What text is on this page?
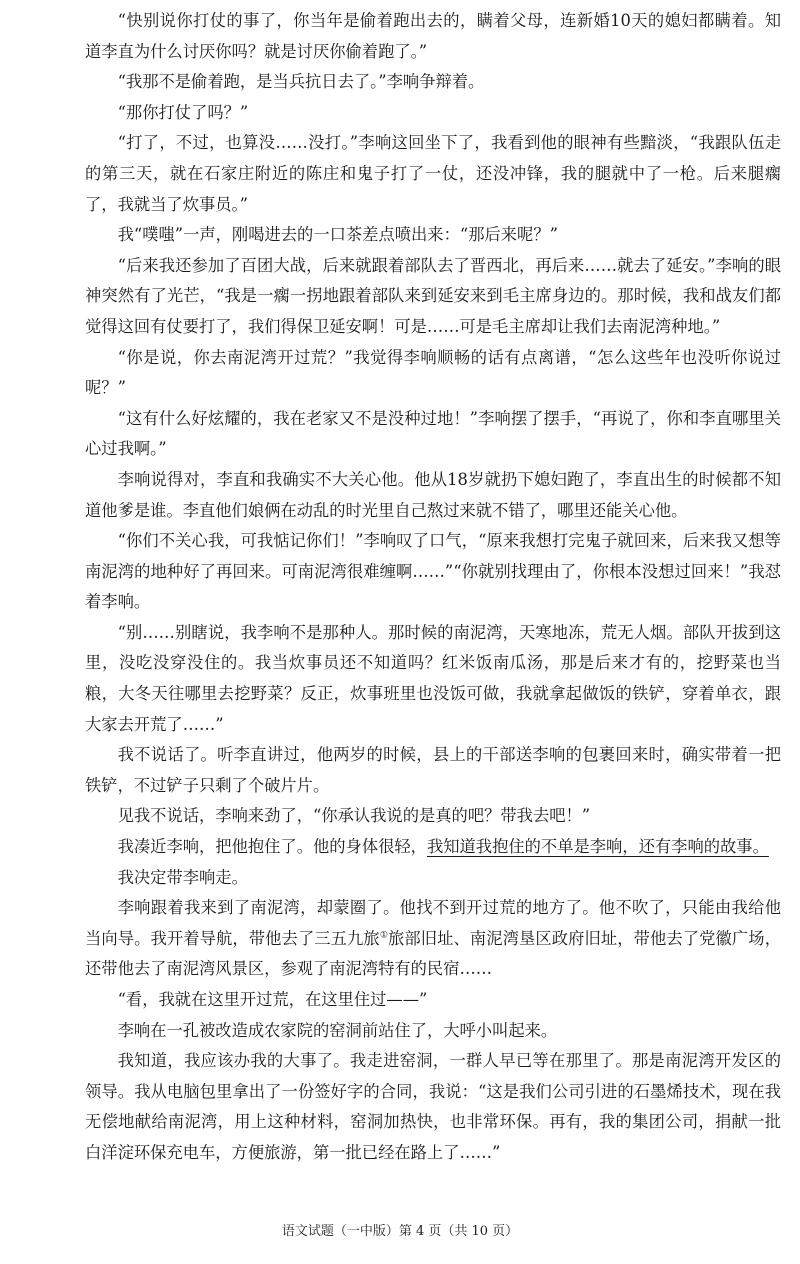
“快别说你打仗的事了，你当年是偷着跑出去的，瞒着父母，连新婚10天的媳妇都瞒着。知道李直为什么讨厌你吗？就是讨厌你偷着跑了。”

“我那不是偷着跑，是当兵抗日去了。”李响争辩着。

“那你打仗了吗？”

“打了，不过，也算没……没打。”李响这回坐下了，我看到他的眼神有些黯淡，“我跟队伍走的第三天，就在石家庄附近的陈庄和鬼子打了一仗，还没冲锋，我的腿就中了一枪。后来腿瘸了，我就当了炊事员。”

我“噗嗤”一声，刚喝进去的一口茶差点喷出来：“那后来呢？”

“后来我还参加了百团大战，后来就跟着部队去了晋西北，再后来……就去了延安。”李响的眼神突然有了光芒，“我是一瘸一拐地跟着部队来到延安来到毛主席身边的。那时候，我和战友们都觉得这回有仗要打了，我们得保卫延安啊！可是……可是毛主席却让我们去南泥湾种地。”

“你是说，你去南泥湾开过荒？”我觉得李响顺畅的话有点离谱，“怎么这些年也没听你说过呢？”

“这有什么好炫耀的，我在老家又不是没种过地！”李响摆了摆手，“再说了，你和李直哪里关心过我啊。”

李响说得对，李直和我确实不大关心他。他从18岁就扔下媳妇跑了，李直出生的时候都不知道他爹是谁。李直他们娘俩在动乱的时光里自己熬过来就不错了，哪里还能关心他。

“你们不关心我，可我惦记你们！”李响叹了口气，“原来我想打完鬼子就回来，后来我又想等南泥湾的地种好了再回来。可南泥湾很难缠啊……”“你就别找理由了，你根本没想过回来！”我怼着李响。

“别……别瞎说，我李响不是那种人。那时候的南泥湾，天寒地冻，荒无人烟。部队开拔到这里，没吃没穿没住的。我当炊事员还不知道吗？红米饭南瓜汤，那是后来才有的，挖野菜也当粮，大冬天往哪里去挖野菜？反正，炊事班里也没饭可做，我就拿起做饭的铁铲，穿着单衣，跟大家去开荒了……”

我不说话了。听李直讲过，他两岁的时候，县上的干部送李响的包裹回来时，确实带着一把铁铲，不过铲子只剩了个破片片。

见我不说话，李响来劲了，“你承认我说的是真的吧？带我去吧！”

我凑近李响，把他抱住了。他的身体很轻，我知道我抱住的不单是李响，还有李响的故事。

我决定带李响走。

李响跟着我来到了南泥湾，却蒙圈了。他找不到开过荒的地方了。他不吹了，只能由我给他当向导。我开着导航，带他去了三五九旅①旅部旧址、南泥湾垦区政府旧址，带他去了党徽广场，还带他去了南泥湾风景区，参观了南泥湾特有的民宿……

“看，我就在这里开过荒，在这里住过——”

李响在一孔被改造成农家院的窑洞前站住了，大呼小叫起来。

我知道，我应该办我的大事了。我走进窑洞，一群人早已等在那里了。那是南泥湾开发区的领导。我从电脑包里拿出了一份签好字的合同，我说：“这是我们公司引进的石墨烯技术，现在我无偿地献给南泥湾，用上这种材料，窑洞加热快，也非常环保。再有，我的集团公司，捐献一批白洋淀环保充电车，方便旅游，第一批已经在路上了……”

语文试题（一中版）第 4 页（共 10 页）
